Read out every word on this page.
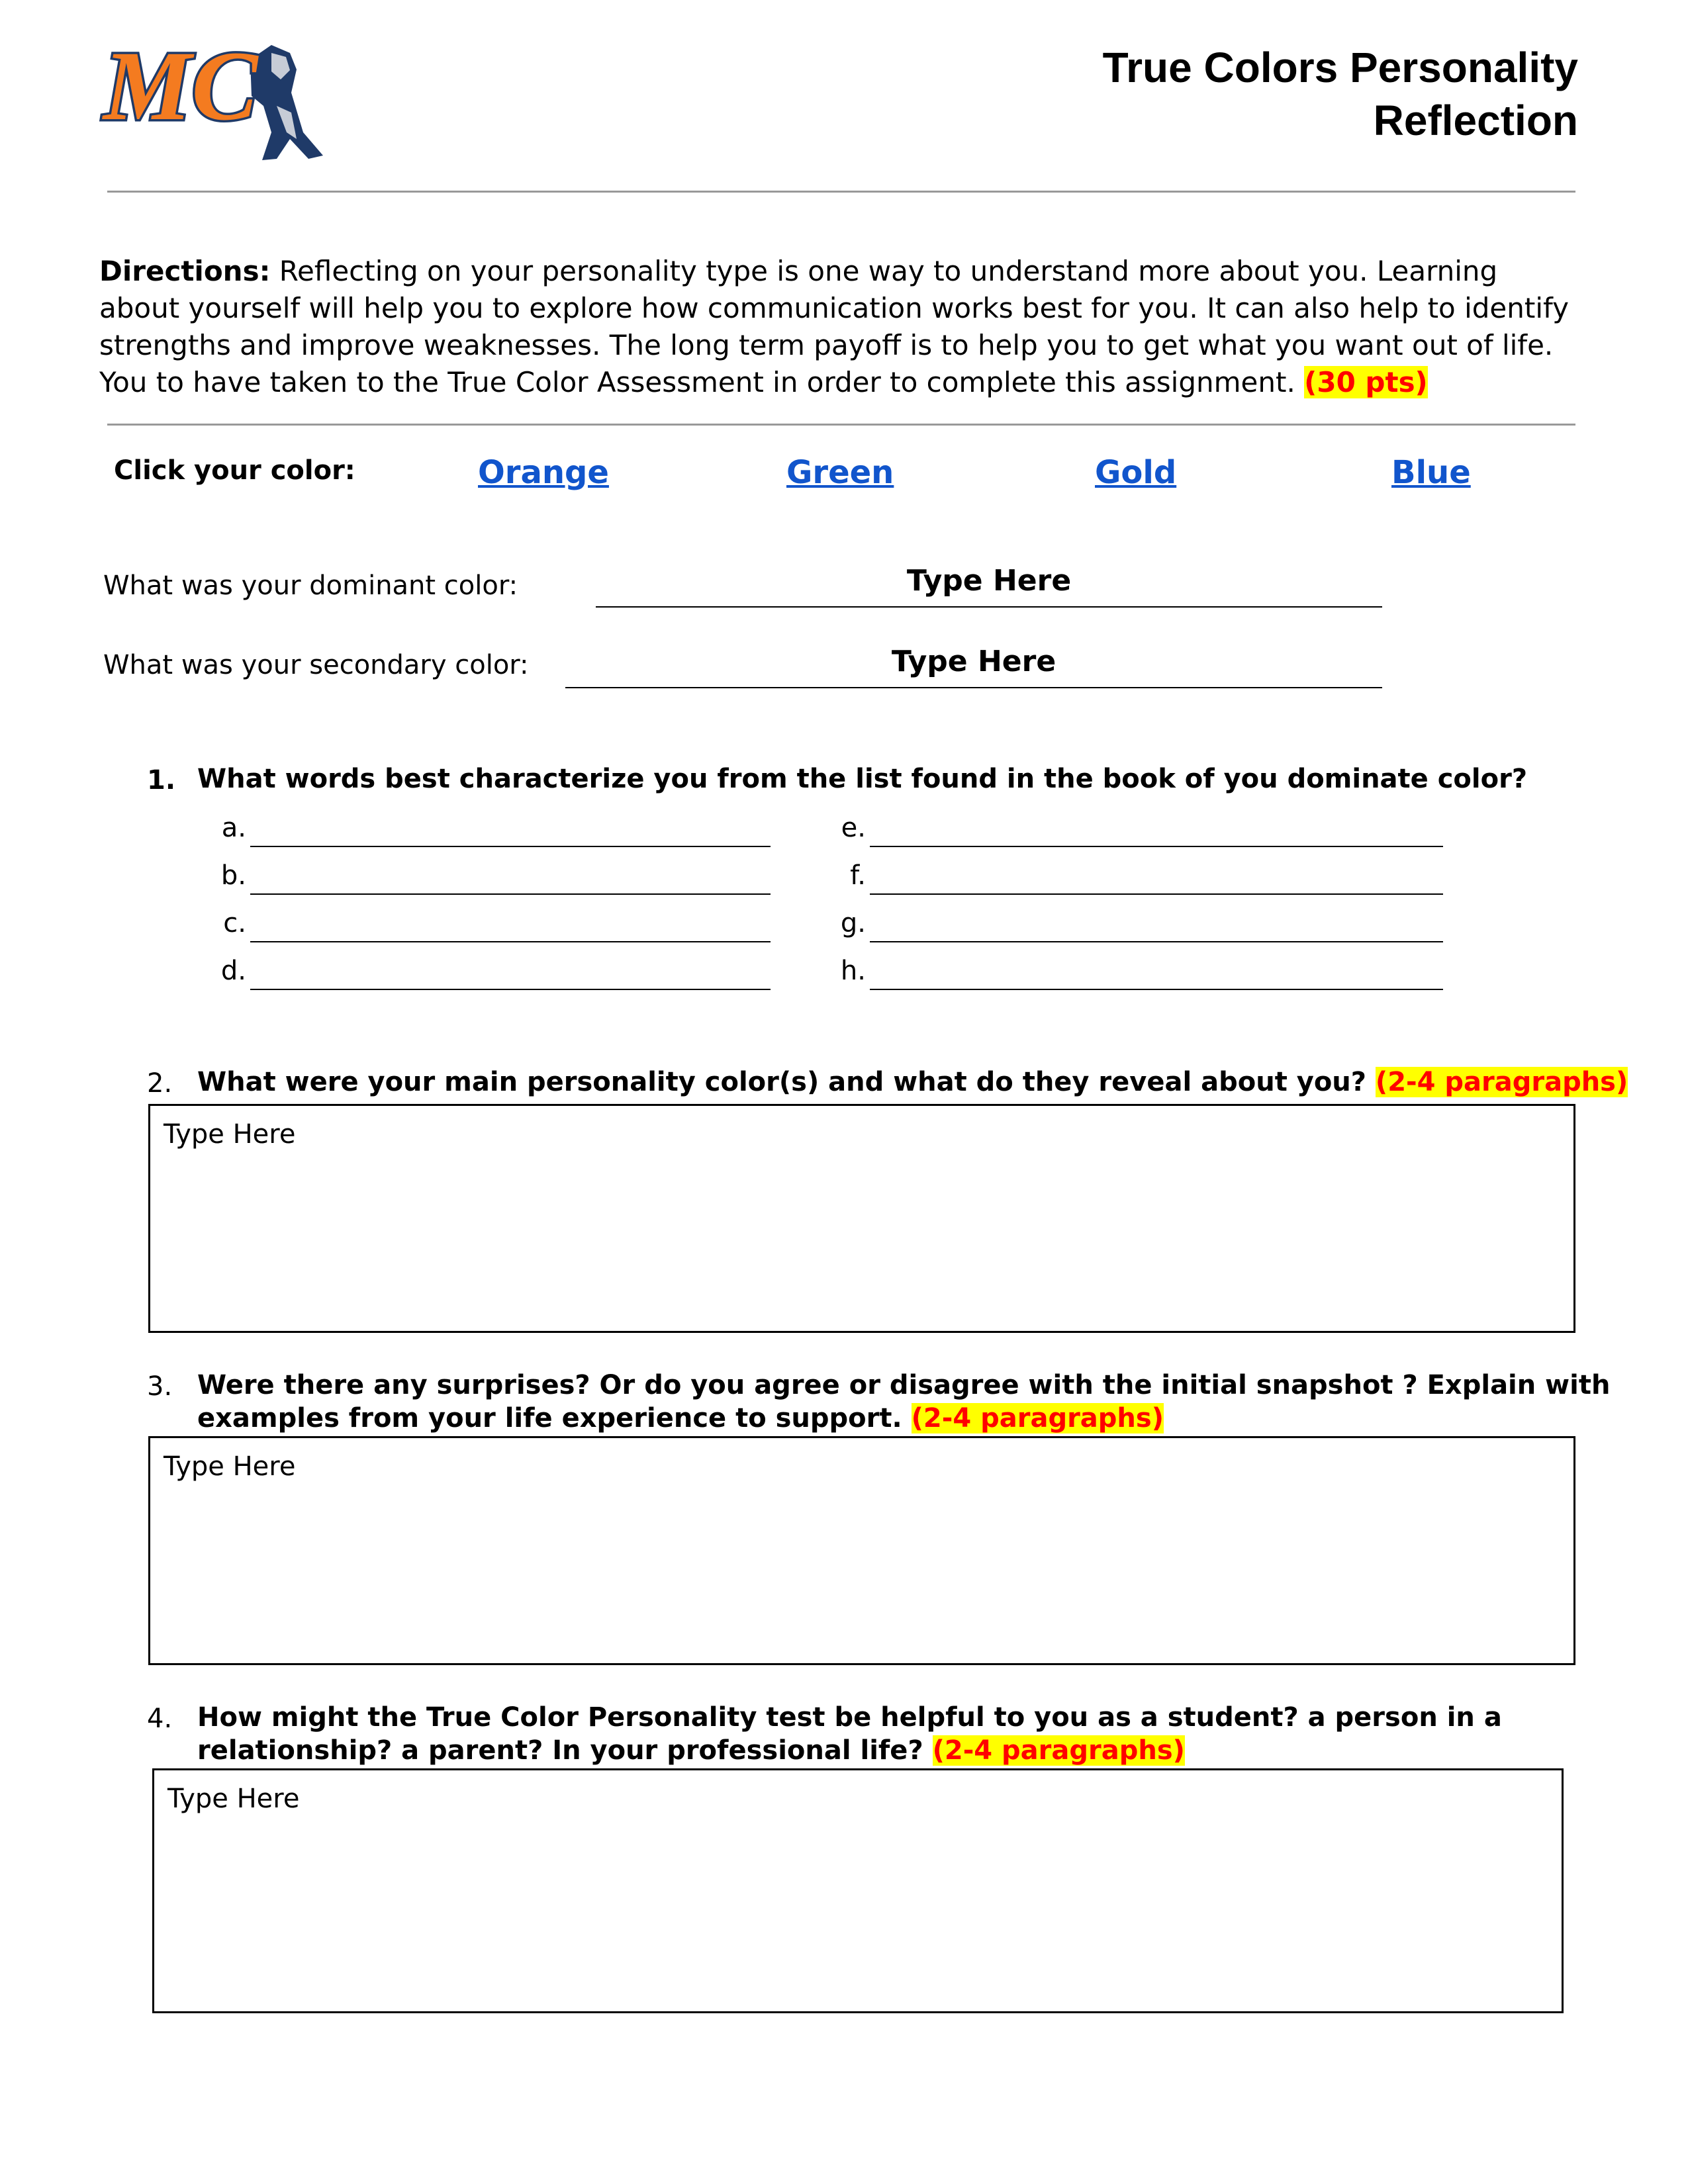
MC	True Colors Personality
Reflection
Directions: Reflecting on your personality type is one way to understand more about you. Learning about yourself will help you to explore how communication works best for you. It can also help to identify strengths and improve weaknesses. The long term payoff is to help you to get what you want out of life. You to have taken to the True Color Assessment in order to complete this assignment. (30 pts)
Click your color:	Orange	Green	Gold	Blue
What was your dominant color:	Type Here
What was your secondary color:	Type Here
1. What words best characterize you from the list found in the book of you dominate color?
a.
b.
c.
d.
e.
f.
g.
h.
2. What were your main personality color(s) and what do they reveal about you? (2-4 paragraphs)
Type Here
3. Were there any surprises? Or do you agree or disagree with the initial snapshot ? Explain with
examples from your life experience to support. (2-4 paragraphs)
Type Here
4. How might the True Color Personality test be helpful to you as a student? a person in a
relationship? a parent? In your professional life? (2-4 paragraphs)
Type Here
